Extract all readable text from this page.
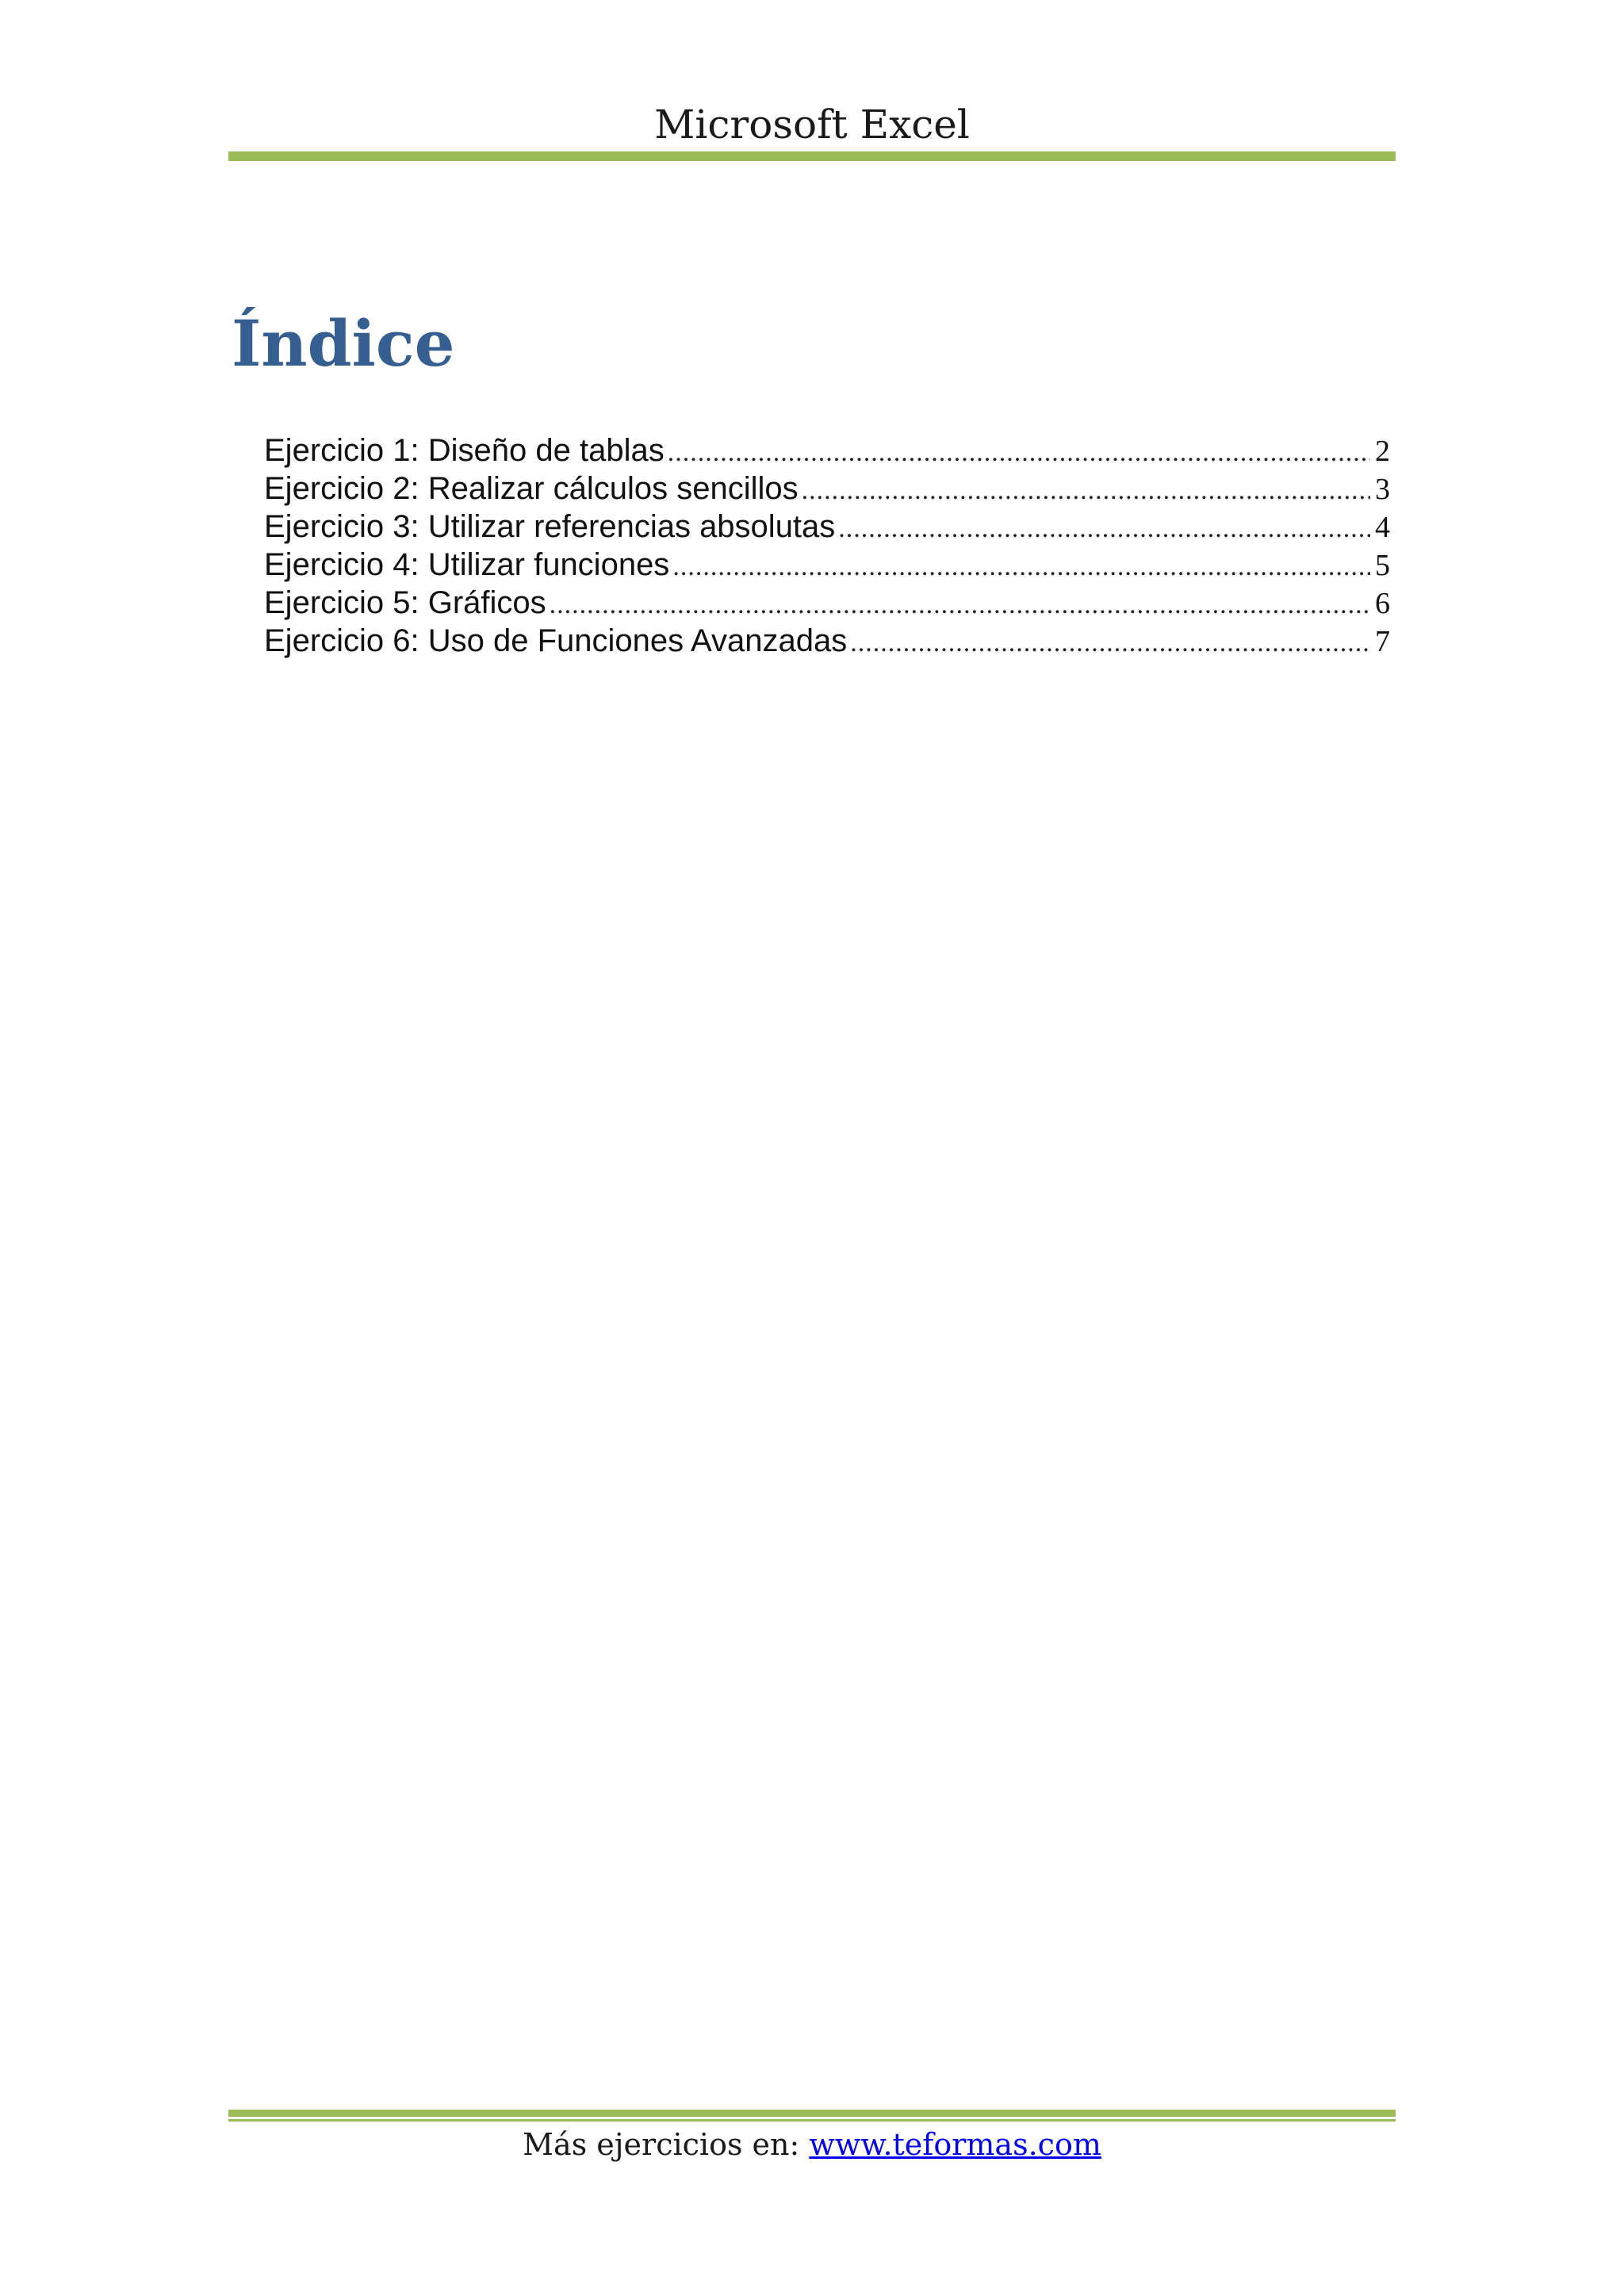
Microsoft Excel
Índice
Ejercicio 1: Diseño de tablas .....	2
Ejercicio 2: Realizar cálculos sencillos .....	3
Ejercicio 3: Utilizar referencias absolutas .....	4
Ejercicio 4: Utilizar funciones .....	5
Ejercicio 5: Gráficos .....	6
Ejercicio 6: Uso de Funciones Avanzadas .....	7
Más ejercicios en: www.teformas.com
